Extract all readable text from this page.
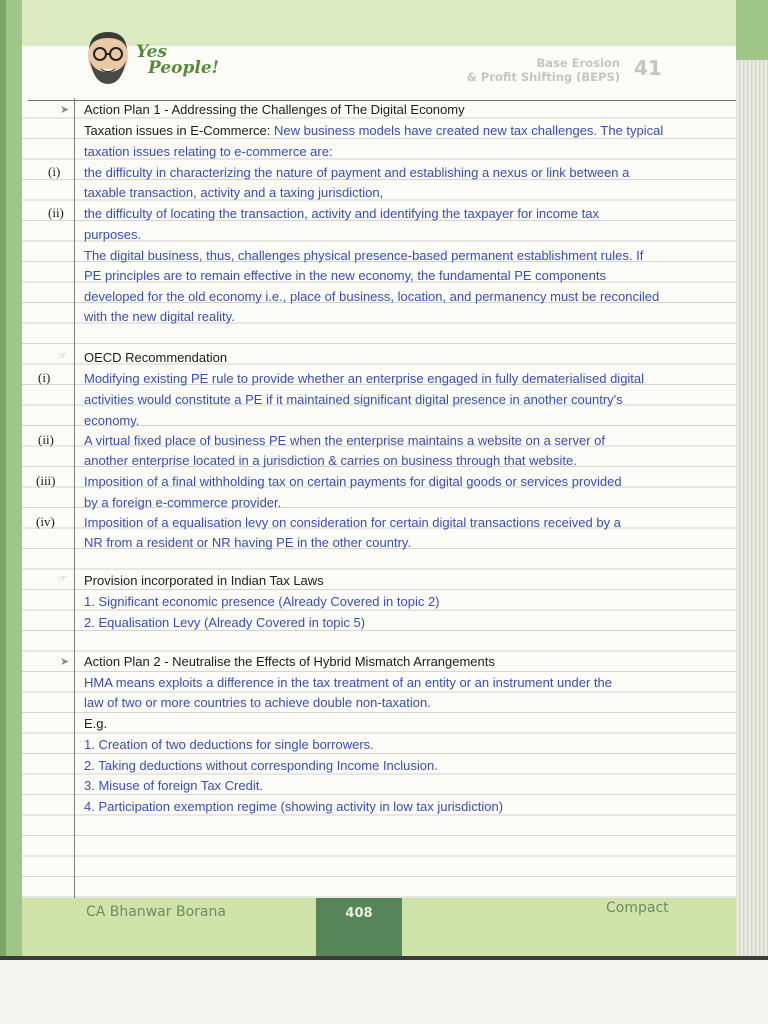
Yes
People!	Base Erosion
& Profit Shifting (BEPS) 41
➤ Action Plan 1 - Addressing the Challenges of The Digital Economy
Taxation issues in E-Commerce: New business models have created new tax challenges. The typical
taxation issues relating to e-commerce are:
(i) the difficulty in characterizing the nature of payment and establishing a nexus or link between a
taxable transaction, activity and a taxing jurisdiction,
(ii) the difficulty of locating the transaction, activity and identifying the taxpayer for income tax
purposes.
The digital business, thus, challenges physical presence-based permanent establishment rules. If
PE principles are to remain effective in the new economy, the fundamental PE components
developed for the old economy i.e., place of business, location, and permanency must be reconciled
with the new digital reality.
☞ OECD Recommendation
(i)	Modifying existing PE rule to provide whether an enterprise engaged in fully dematerialised digital
activities would constitute a PE if it maintained significant digital presence in another country's
economy.
(ii) A virtual fixed place of business PE when the enterprise maintains a website on a server of
another enterprise located in a jurisdiction & carries on business through that website.
(iii) Imposition of a final withholding tax on certain payments for digital goods or services provided
by a foreign e-commerce provider.
(iv) Imposition of a equalisation levy on consideration for certain digital transactions received by a
NR from a resident or NR having PE in the other country.
☞ Provision incorporated in Indian Tax Laws
1. Significant economic presence (Already Covered in topic 2)
2. Equalisation Levy (Already Covered in topic 5)
➤ Action Plan 2 - Neutralise the Effects of Hybrid Mismatch Arrangements
HMA means exploits a difference in the tax treatment of an entity or an instrument under the
law of two or more countries to achieve double non-taxation.
E.g.
1. Creation of two deductions for single borrowers.
2. Taking deductions without corresponding Income Inclusion.
3. Misuse of foreign Tax Credit.
4. Participation exemption regime (showing activity in low tax jurisdiction)
CA Bhanwar Borana	408	Compact
